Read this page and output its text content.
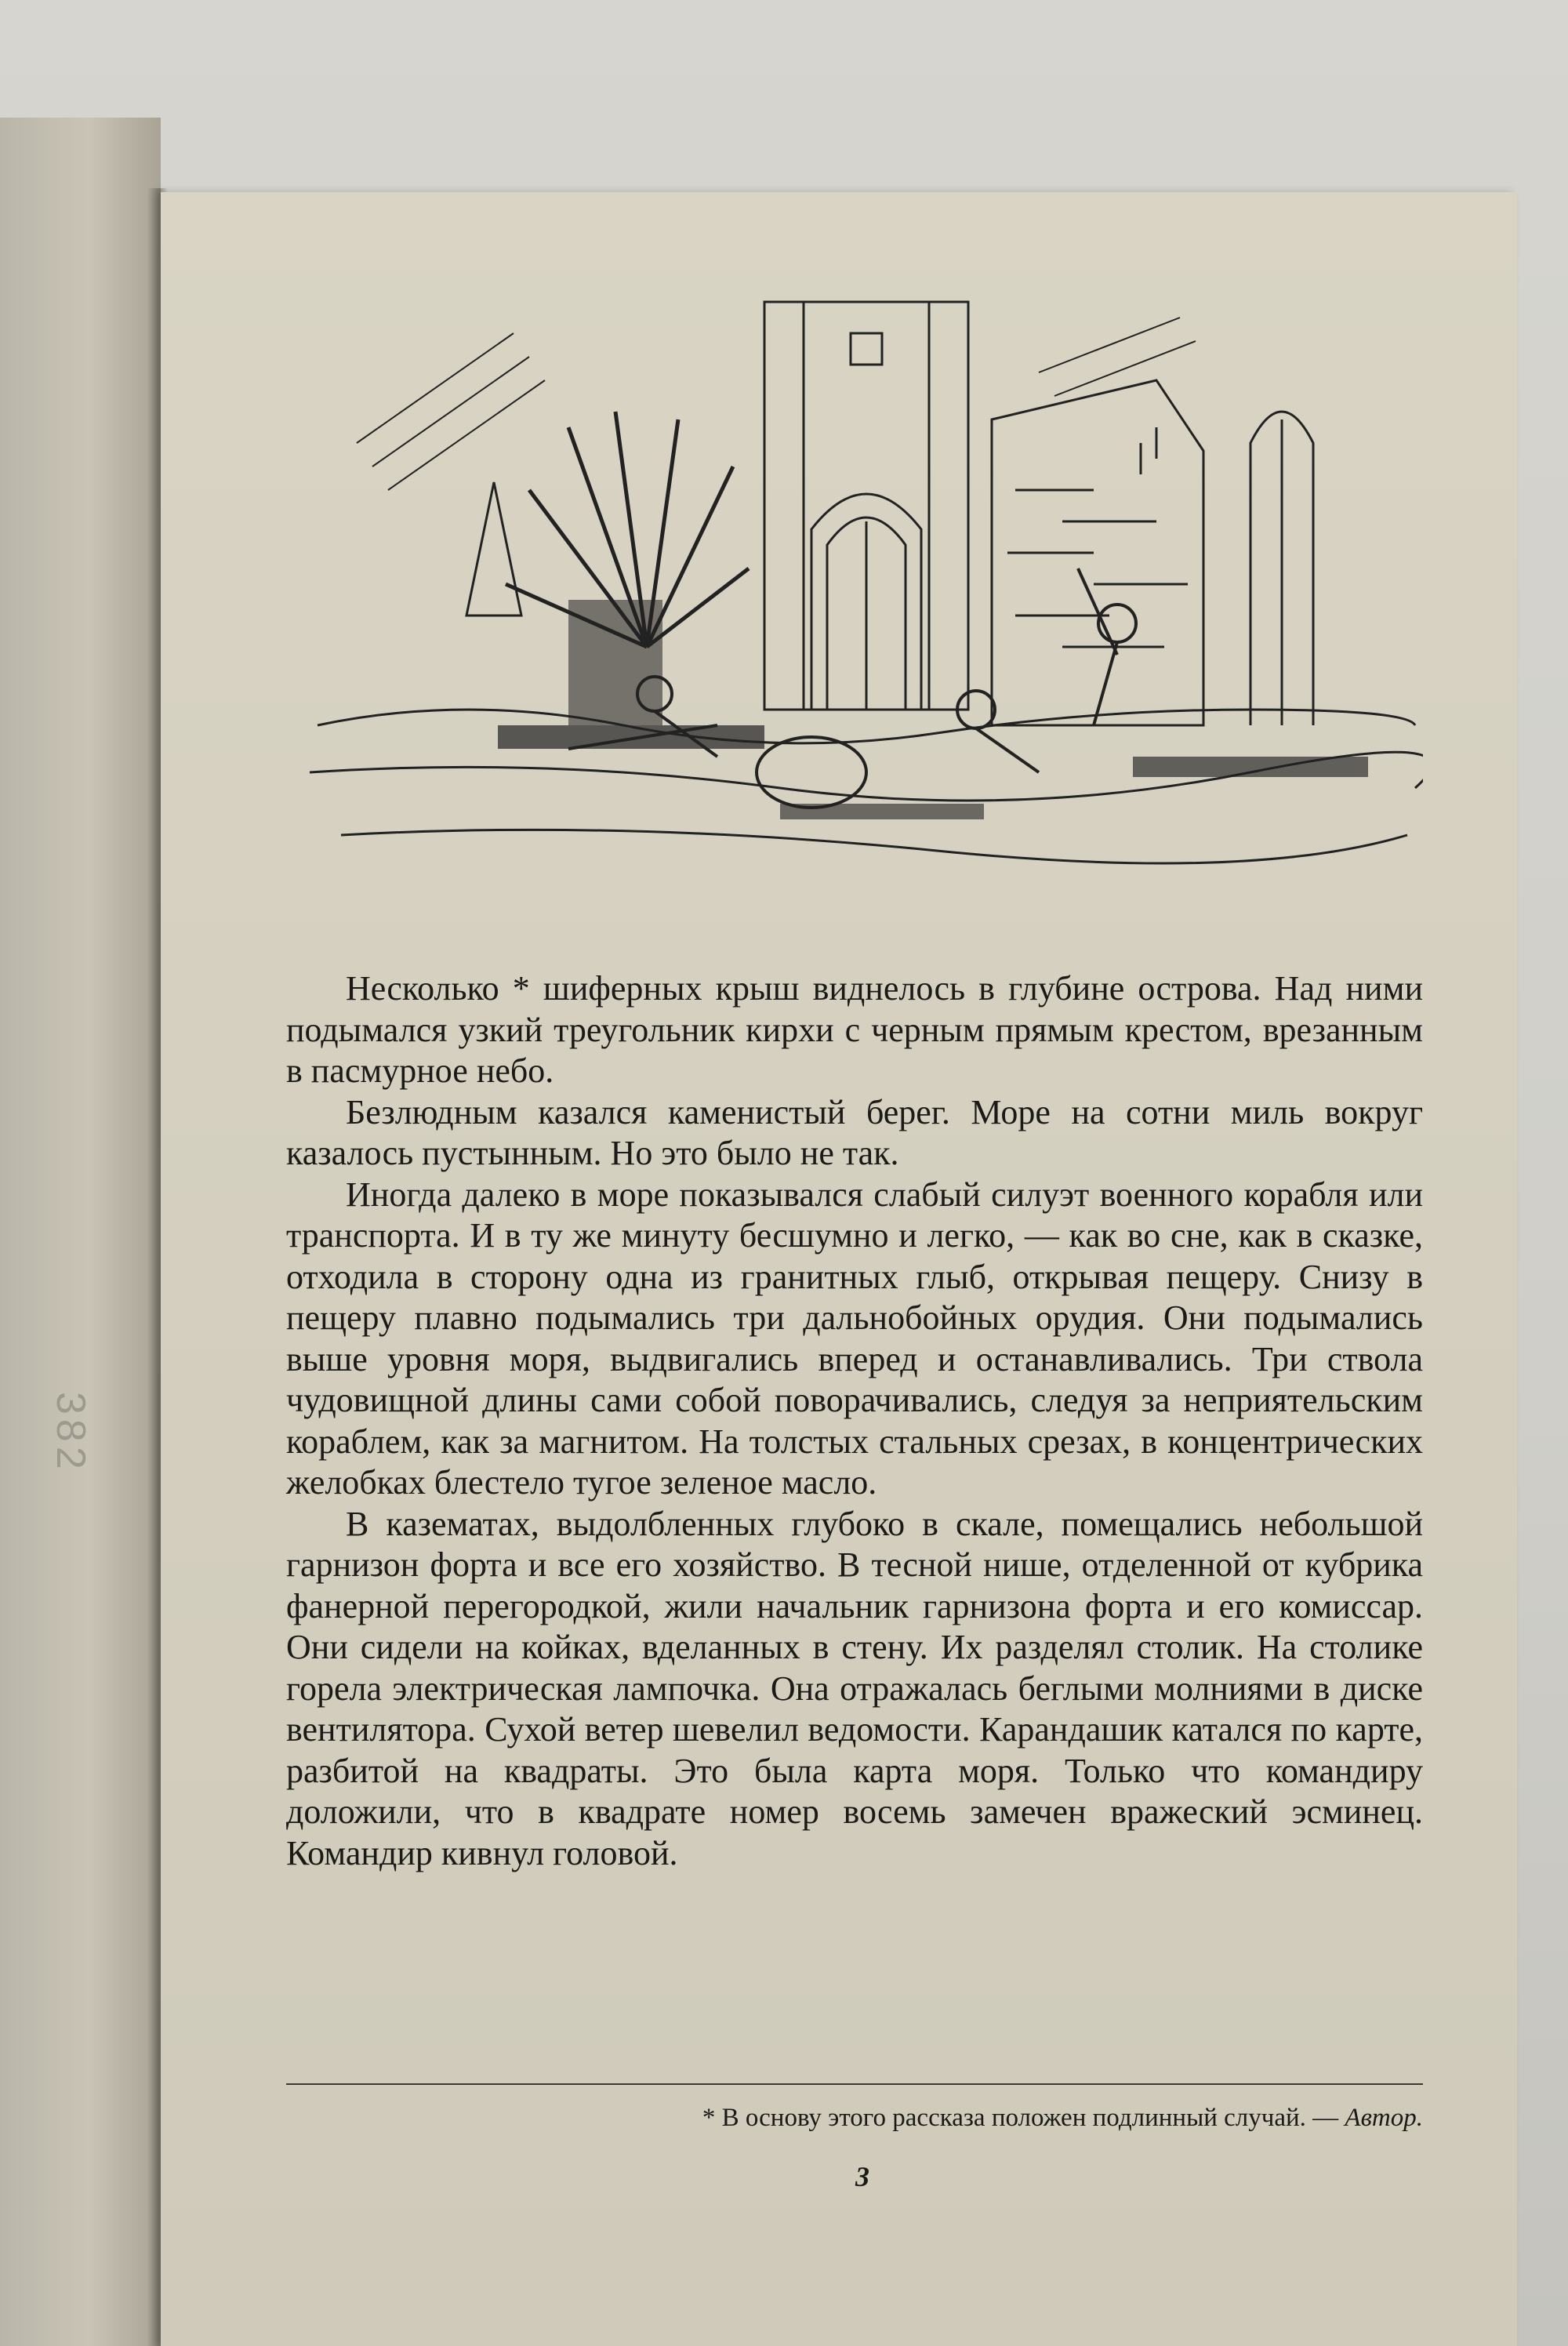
382

Несколько * шиферных крыш виднелось в глубине острова. Над ними подымался узкий треугольник кирхи с черным прямым крестом, врезанным в пасмурное небо.

Безлюдным казался каменистый берег. Море на сотни миль вокруг казалось пустынным. Но это было не так.

Иногда далеко в море показывался слабый силуэт военного корабля или транспорта. И в ту же минуту бесшумно и легко, — как во сне, как в сказке, отходила в сторону одна из гранитных глыб, открывая пещеру. Снизу в пещеру плавно подымались три дальнобойных орудия. Они подымались выше уровня моря, выдвигались вперед и останавливались. Три ствола чудовищной длины сами собой поворачивались, следуя за неприятельским кораблем, как за магнитом. На толстых стальных срезах, в концентрических желобках блестело тугое зеленое масло.

В казематах, выдолбленных глубоко в скале, помещались небольшой гарнизон форта и все его хозяйство. В тесной нише, отделенной от кубрика фанерной перегородкой, жили начальник гарнизона форта и его комиссар. Они сидели на койках, вделанных в стену. Их разделял столик. На столике горела электрическая лампочка. Она отражалась беглыми молниями в диске вентилятора. Сухой ветер шевелил ведомости. Карандашик катался по карте, разбитой на квадраты. Это была карта моря. Только что командиру доложили, что в квадрате номер восемь замечен вражеский эсминец. Командир кивнул головой.

* В основу этого рассказа положен подлинный случай. — Автор.
3
